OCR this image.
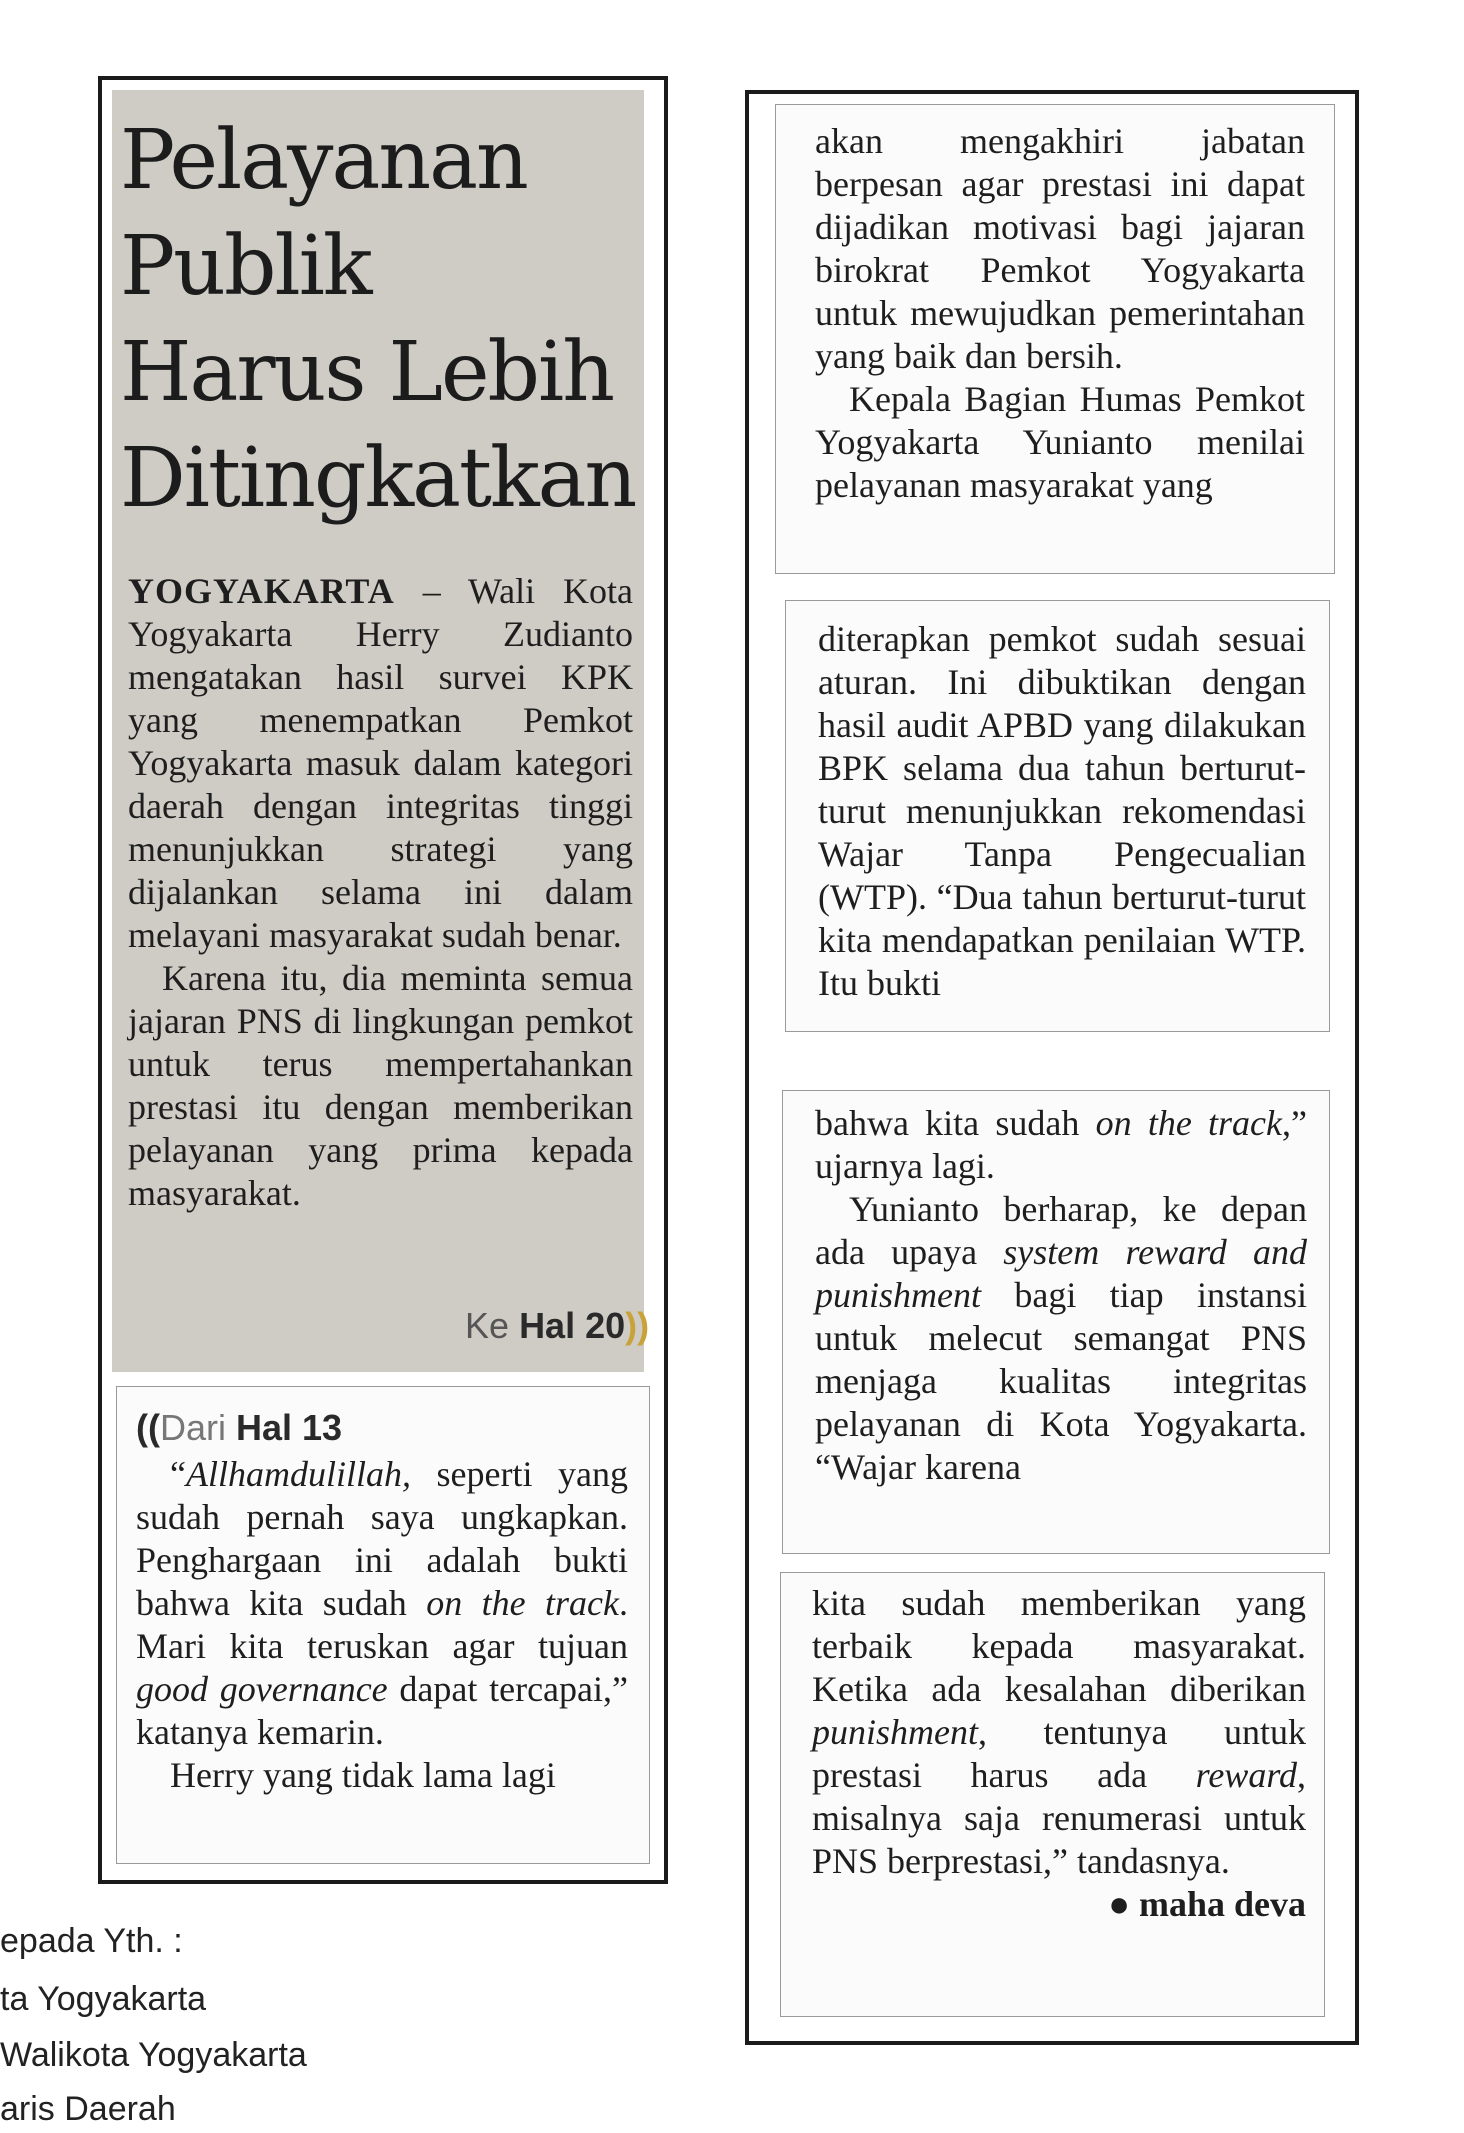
Pelayanan
Publik
Harus Lebih
Ditingkatkan

YOGYAKARTA – Wali Kota Yogyakarta Herry Zudianto mengatakan hasil survei KPK yang menempatkan Pemkot Yogyakarta masuk dalam kategori daerah dengan integritas tinggi menunjukkan strategi yang dijalankan selama ini dalam melayani masyarakat sudah benar.

Karena itu, dia meminta semua jajaran PNS di lingkungan pemkot untuk terus mempertahankan prestasi itu dengan memberikan pelayanan yang prima kepada masyarakat.

Ke Hal 20))
((Dari Hal 13

“Allhamdulillah, seperti yang sudah pernah saya ungkapkan. Penghargaan ini adalah bukti bahwa kita sudah on the track. Mari kita teruskan agar tujuan good governance dapat tercapai,” katanya kemarin.

Herry yang tidak lama lagi

akan mengakhiri jabatan berpesan agar prestasi ini dapat dijadikan motivasi bagi jajaran birokrat Pemkot Yogyakarta untuk mewujudkan pemerintahan yang baik dan bersih.

Kepala Bagian Humas Pemkot Yogyakarta Yunianto menilai pelayanan masyarakat yang

diterapkan pemkot sudah sesuai aturan. Ini dibuktikan dengan hasil audit APBD yang dilakukan BPK selama dua tahun berturut-turut menunjukkan rekomendasi Wajar Tanpa Pengecualian (WTP). “Dua tahun berturut-turut kita mendapatkan penilaian WTP. Itu bukti

bahwa kita sudah on the track,” ujarnya lagi.

Yunianto berharap, ke depan ada upaya system reward and punishment bagi tiap instansi untuk melecut semangat PNS menjaga kualitas integritas pelayanan di Kota Yogyakarta. “Wajar karena

kita sudah memberikan yang terbaik kepada masyarakat. Ketika ada kesalahan diberikan punishment, tentunya untuk prestasi harus ada reward, misalnya saja renumerasi untuk PNS berprestasi,” tandasnya.

● maha deva

epada Yth. :
ta Yogyakarta
Walikota Yogyakarta
aris Daerah
